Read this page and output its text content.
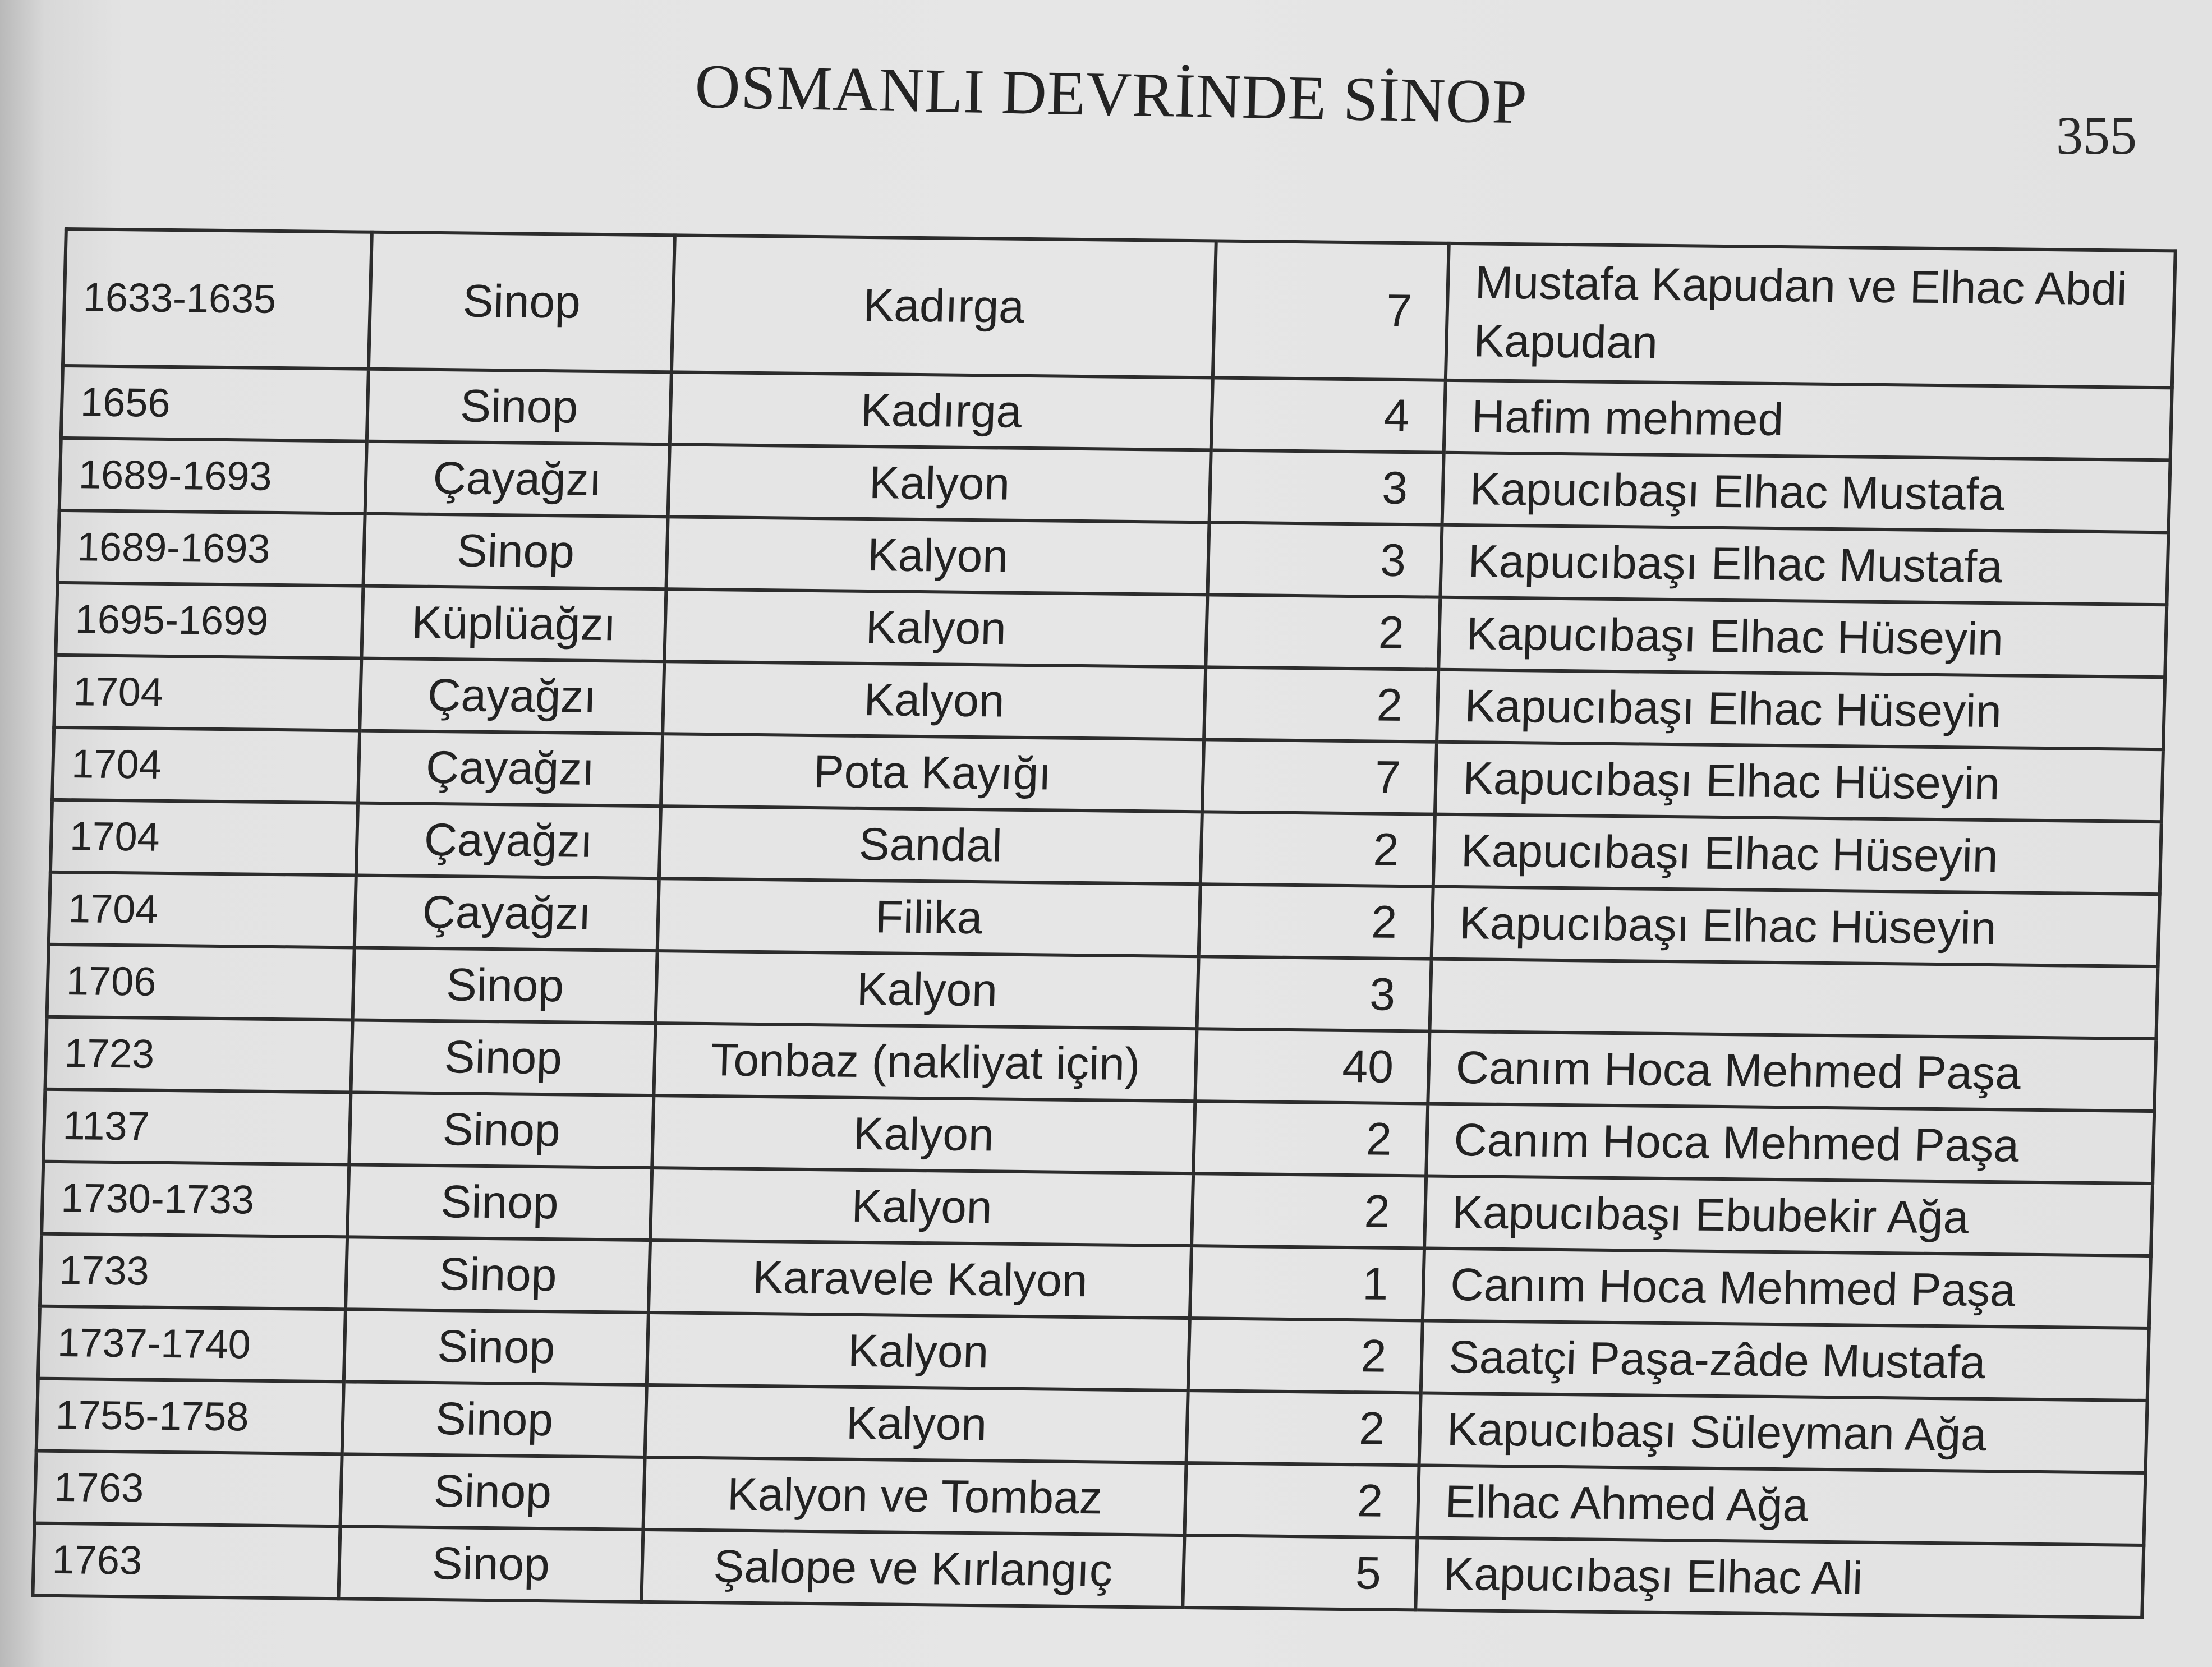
OSMANLI DEVRİNDE SİNOP	355
1633-1635	Sinop	Kadırga	7	Mustafa Kapudan ve Elhac Abdi Kapudan
1656	Sinop	Kadırga	4	Hafim mehmed
1689-1693	Çayağzı	Kalyon	3	Kapucıbaşı Elhac Mustafa
1689-1693	Sinop	Kalyon	3	Kapucıbaşı Elhac Mustafa
1695-1699	Küplüağzı	Kalyon	2	Kapucıbaşı Elhac Hüseyin
1704	Çayağzı	Kalyon	2	Kapucıbaşı Elhac Hüseyin
1704	Çayağzı	Pota Kayığı	7	Kapucıbaşı Elhac Hüseyin
1704	Çayağzı	Sandal	2	Kapucıbaşı Elhac Hüseyin
1704	Çayağzı	Filika	2	Kapucıbaşı Elhac Hüseyin
1706	Sinop	Kalyon	3	
1723	Sinop	Tonbaz (nakliyat için)	40	Canım Hoca Mehmed Paşa
1137	Sinop	Kalyon	2	Canım Hoca Mehmed Paşa
1730-1733	Sinop	Kalyon	2	Kapucıbaşı Ebubekir Ağa
1733	Sinop	Karavele Kalyon	1	Canım Hoca Mehmed Paşa
1737-1740	Sinop	Kalyon	2	Saatçi Paşa-zâde Mustafa
1755-1758	Sinop	Kalyon	2	Kapucıbaşı Süleyman Ağa
1763	Sinop	Kalyon ve Tombaz	2	Elhac Ahmed Ağa
1763	Sinop	Şalope ve Kırlangıç	5	Kapucıbaşı Elhac Ali
